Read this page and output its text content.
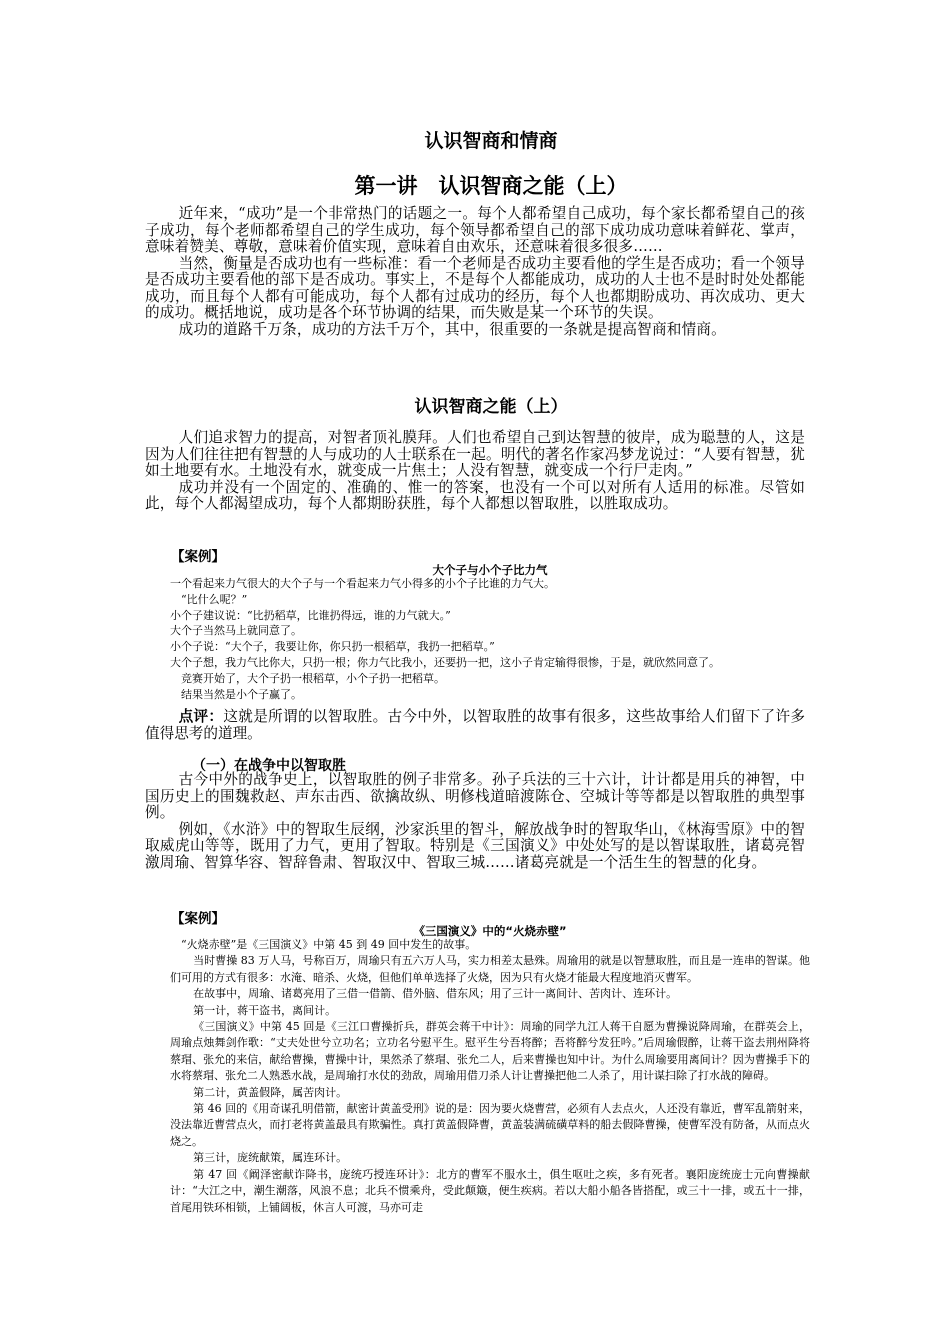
认识智商和情商
第一讲　认识智商之能（上）

近年来，“成功”是一个非常热门的话题之一。每个人都希望自己成功，每个家长都希望自己的孩子成功，每个老师都希望自己的学生成功，每个领导都希望自己的部下成功成功意味着鲜花、掌声，意味着赞美、尊敬，意味着价值实现，意味着自由欢乐，还意味着很多很多……

当然，衡量是否成功也有一些标准：看一个老师是否成功主要看他的学生是否成功；看一个领导是否成功主要看他的部下是否成功。事实上，不是每个人都能成功，成功的人士也不是时时处处都能成功，而且每个人都有可能成功，每个人都有过成功的经历，每个人也都期盼成功、再次成功、更大的成功。概括地说，成功是各个环节协调的结果，而失败是某一个环节的失误。

成功的道路千万条，成功的方法千万个，其中，很重要的一条就是提高智商和情商。

认识智商之能（上）

人们追求智力的提高，对智者顶礼膜拜。人们也希望自己到达智慧的彼岸，成为聪慧的人，这是因为人们往往把有智慧的人与成功的人士联系在一起。明代的著名作家冯梦龙说过：“人要有智慧，犹如土地要有水。土地没有水，就变成一片焦土；人没有智慧，就变成一个行尸走肉。”

成功并没有一个固定的、准确的、惟一的答案，也没有一个可以对所有人适用的标准。尽管如此，每个人都渴望成功，每个人都期盼获胜，每个人都想以智取胜，以胜取成功。

【案例】
大个子与小个子比力气

一个看起来力气很大的大个子与一个看起来力气小得多的小个子比谁的力气大。

“比什么呢？”

小个子建议说：“比扔稻草，比谁扔得远，谁的力气就大。”

大个子当然马上就同意了。

小个子说：“大个子，我要让你，你只扔一根稻草，我扔一把稻草。”

大个子想，我力气比你大，只扔一根；你力气比我小，还要扔一把，这小子肯定输得很惨，于是，就欣然同意了。

竞赛开始了，大个子扔一根稻草，小个子扔一把稻草。

结果当然是小个子赢了。

点评：这就是所谓的以智取胜。古今中外，以智取胜的故事有很多，这些故事给人们留下了许多值得思考的道理。

（一）在战争中以智取胜

古今中外的战争史上，以智取胜的例子非常多。孙子兵法的三十六计，计计都是用兵的神智，中国历史上的围魏救赵、声东击西、欲擒故纵、明修栈道暗渡陈仓、空城计等等都是以智取胜的典型事例。

例如，《水浒》中的智取生辰纲，沙家浜里的智斗，解放战争时的智取华山，《林海雪原》中的智取威虎山等等，既用了力气，更用了智取。特别是《三国演义》中处处写的是以智谋取胜，诸葛亮智激周瑜、智算华容、智辞鲁肃、智取汉中、智取三城……诸葛亮就是一个活生生的智慧的化身。

【案例】
《三国演义》中的“火烧赤壁”

“火烧赤壁”是《三国演义》中第 45 到 49 回中发生的故事。

当时曹操 83 万人马，号称百万，周瑜只有五六万人马，实力相差太悬殊。周瑜用的就是以智慧取胜，而且是一连串的智谋。他们可用的方式有很多：水淹、暗杀、火烧，但他们单单选择了火烧，因为只有火烧才能最大程度地消灭曹军。

在故事中，周瑜、诸葛亮用了三借一借箭、借外脑、借东风；用了三计一离间计、苦肉计、连环计。

第一计，蒋干盗书，离间计。

《三国演义》中第 45 回是《三江口曹操折兵，群英会蒋干中计》：周瑜的同学九江人蒋干自愿为曹操说降周瑜，在群英会上，周瑜点烛舞剑作歌：“丈夫处世兮立功名；立功名兮慰平生。慰平生兮吾将醉；吾将醉兮发狂吟。”后周瑜假醉，让蒋干盗去荆州降将蔡瑁、张允的来信，献给曹操，曹操中计，果然杀了蔡瑁、张允二人，后来曹操也知中计。为什么周瑜要用离间计？因为曹操手下的水将蔡瑁、张允二人熟悉水战，是周瑜打水仗的劲敌，周瑜用借刀杀人计让曹操把他二人杀了，用计谋扫除了打水战的障碍。

第二计，黄盖假降，属苦肉计。

第 46 回的《用奇谋孔明借箭，献密计黄盖受刑》说的是：因为要火烧曹营，必须有人去点火，人还没有靠近，曹军乱箭射来，没法靠近曹营点火，而打老将黄盖最具有欺骗性。真打黄盖假降曹，黄盖装满硫磺草料的船去假降曹操，使曹军没有防备，从而点火烧之。

第三计，庞统献策，属连环计。

第 47 回《阚泽密献诈降书，庞统巧授连环计》：北方的曹军不服水土，俱生呕吐之疾，多有死者。襄阳庞统庞士元向曹操献计：“大江之中，潮生潮落，风浪不息；北兵不惯乘舟，受此颠簸，便生疾病。若以大船小船各皆搭配，或三十一排，或五十一排，首尾用铁环相锁，上铺阔板，休言人可渡，马亦可走
